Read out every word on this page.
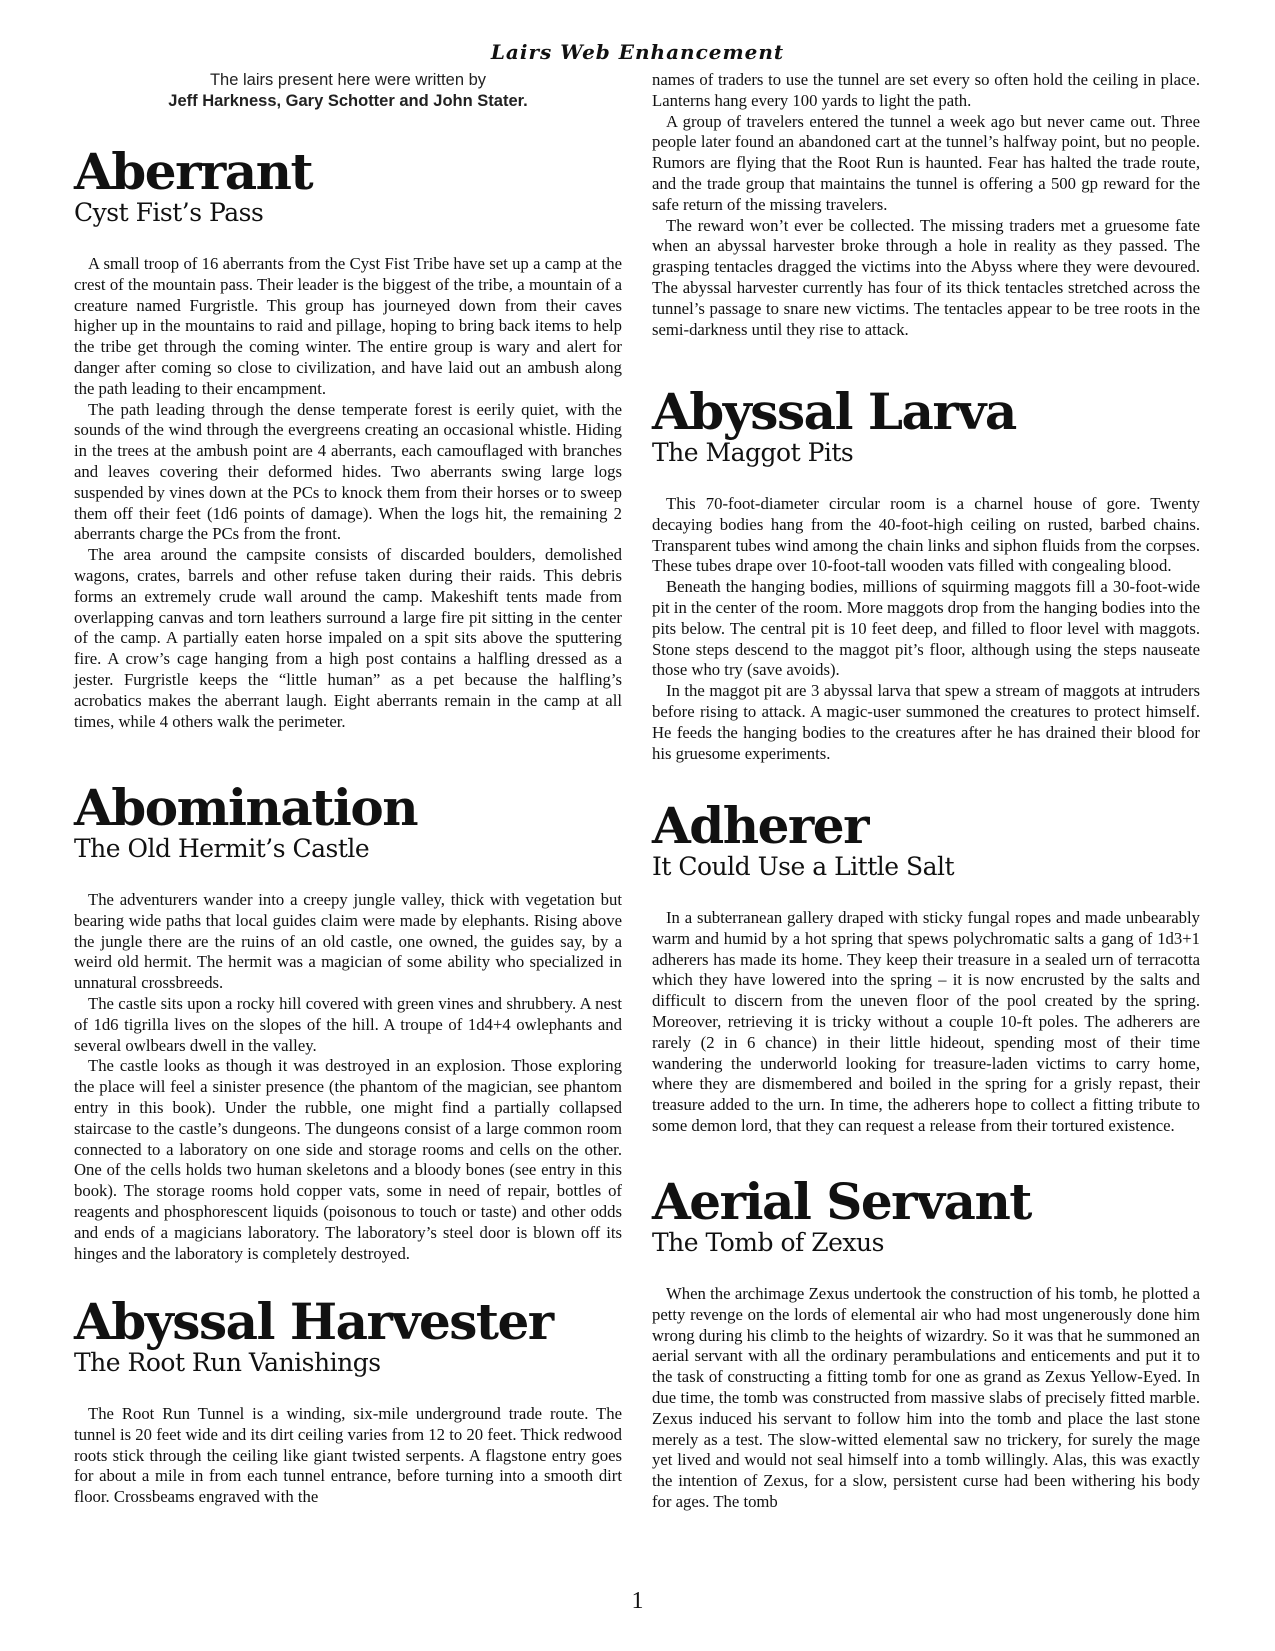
Lairs Web Enhancement
The lairs present here were written by
Jeff Harkness, Gary Schotter and John Stater.
Aberrant
Cyst Fist’s Pass

A small troop of 16 aberrants from the Cyst Fist Tribe have set up a camp at the crest of the mountain pass. Their leader is the biggest of the tribe, a mountain of a creature named Furgristle. This group has journeyed down from their caves higher up in the mountains to raid and pillage, hoping to bring back items to help the tribe get through the coming winter. The entire group is wary and alert for danger after coming so close to civilization, and have laid out an ambush along the path leading to their encampment.

The path leading through the dense temperate forest is eerily quiet, with the sounds of the wind through the evergreens creating an occasional whistle. Hiding in the trees at the ambush point are 4 aberrants, each camouflaged with branches and leaves covering their deformed hides. Two aberrants swing large logs suspended by vines down at the PCs to knock them from their horses or to sweep them off their feet (1d6 points of damage). When the logs hit, the remaining 2 aberrants charge the PCs from the front.

The area around the campsite consists of discarded boulders, demolished wagons, crates, barrels and other refuse taken during their raids. This debris forms an extremely crude wall around the camp. Makeshift tents made from overlapping canvas and torn leathers surround a large fire pit sitting in the center of the camp. A partially eaten horse impaled on a spit sits above the sputtering fire. A crow’s cage hanging from a high post contains a halfling dressed as a jester. Furgristle keeps the “little human” as a pet because the halfling’s acrobatics makes the aberrant laugh. Eight aberrants remain in the camp at all times, while 4 others walk the perimeter.

Abomination
The Old Hermit’s Castle

The adventurers wander into a creepy jungle valley, thick with vegetation but bearing wide paths that local guides claim were made by elephants. Rising above the jungle there are the ruins of an old castle, one owned, the guides say, by a weird old hermit. The hermit was a magician of some ability who specialized in unnatural crossbreeds.

The castle sits upon a rocky hill covered with green vines and shrubbery. A nest of 1d6 tigrilla lives on the slopes of the hill. A troupe of 1d4+4 owlephants and several owlbears dwell in the valley.

The castle looks as though it was destroyed in an explosion. Those exploring the place will feel a sinister presence (the phantom of the magician, see phantom entry in this book). Under the rubble, one might find a partially collapsed staircase to the castle’s dungeons. The dungeons consist of a large common room connected to a laboratory on one side and storage rooms and cells on the other. One of the cells holds two human skeletons and a bloody bones (see entry in this book). The storage rooms hold copper vats, some in need of repair, bottles of reagents and phosphorescent liquids (poisonous to touch or taste) and other odds and ends of a magicians laboratory. The laboratory’s steel door is blown off its hinges and the laboratory is completely destroyed.

Abyssal Harvester
The Root Run Vanishings

The Root Run Tunnel is a winding, six-mile underground trade route. The tunnel is 20 feet wide and its dirt ceiling varies from 12 to 20 feet. Thick redwood roots stick through the ceiling like giant twisted serpents. A flagstone entry goes for about a mile in from each tunnel entrance, before turning into a smooth dirt floor. Crossbeams engraved with the

names of traders to use the tunnel are set every so often hold the ceiling in place. Lanterns hang every 100 yards to light the path.

A group of travelers entered the tunnel a week ago but never came out. Three people later found an abandoned cart at the tunnel’s halfway point, but no people. Rumors are flying that the Root Run is haunted. Fear has halted the trade route, and the trade group that maintains the tunnel is offering a 500 gp reward for the safe return of the missing travelers.

The reward won’t ever be collected. The missing traders met a gruesome fate when an abyssal harvester broke through a hole in reality as they passed. The grasping tentacles dragged the victims into the Abyss where they were devoured. The abyssal harvester currently has four of its thick tentacles stretched across the tunnel’s passage to snare new victims. The tentacles appear to be tree roots in the semi-darkness until they rise to attack.

Abyssal Larva
The Maggot Pits

This 70-foot-diameter circular room is a charnel house of gore. Twenty decaying bodies hang from the 40-foot-high ceiling on rusted, barbed chains. Transparent tubes wind among the chain links and siphon fluids from the corpses. These tubes drape over 10-foot-tall wooden vats filled with congealing blood.

Beneath the hanging bodies, millions of squirming maggots fill a 30-foot-wide pit in the center of the room. More maggots drop from the hanging bodies into the pits below. The central pit is 10 feet deep, and filled to floor level with maggots. Stone steps descend to the maggot pit’s floor, although using the steps nauseate those who try (save avoids).

In the maggot pit are 3 abyssal larva that spew a stream of maggots at intruders before rising to attack. A magic-user summoned the creatures to protect himself. He feeds the hanging bodies to the creatures after he has drained their blood for his gruesome experiments.

Adherer
It Could Use a Little Salt

In a subterranean gallery draped with sticky fungal ropes and made unbearably warm and humid by a hot spring that spews polychromatic salts a gang of 1d3+1 adherers has made its home. They keep their treasure in a sealed urn of terracotta which they have lowered into the spring – it is now encrusted by the salts and difficult to discern from the uneven floor of the pool created by the spring. Moreover, retrieving it is tricky without a couple 10-ft poles. The adherers are rarely (2 in 6 chance) in their little hideout, spending most of their time wandering the underworld looking for treasure-laden victims to carry home, where they are dismembered and boiled in the spring for a grisly repast, their treasure added to the urn. In time, the adherers hope to collect a fitting tribute to some demon lord, that they can request a release from their tortured existence.

Aerial Servant
The Tomb of Zexus

When the archimage Zexus undertook the construction of his tomb, he plotted a petty revenge on the lords of elemental air who had most ungenerously done him wrong during his climb to the heights of wizardry. So it was that he summoned an aerial servant with all the ordinary perambulations and enticements and put it to the task of constructing a fitting tomb for one as grand as Zexus Yellow-Eyed. In due time, the tomb was constructed from massive slabs of precisely fitted marble. Zexus induced his servant to follow him into the tomb and place the last stone merely as a test. The slow-witted elemental saw no trickery, for surely the mage yet lived and would not seal himself into a tomb willingly. Alas, this was exactly the intention of Zexus, for a slow, persistent curse had been withering his body for ages. The tomb

1
